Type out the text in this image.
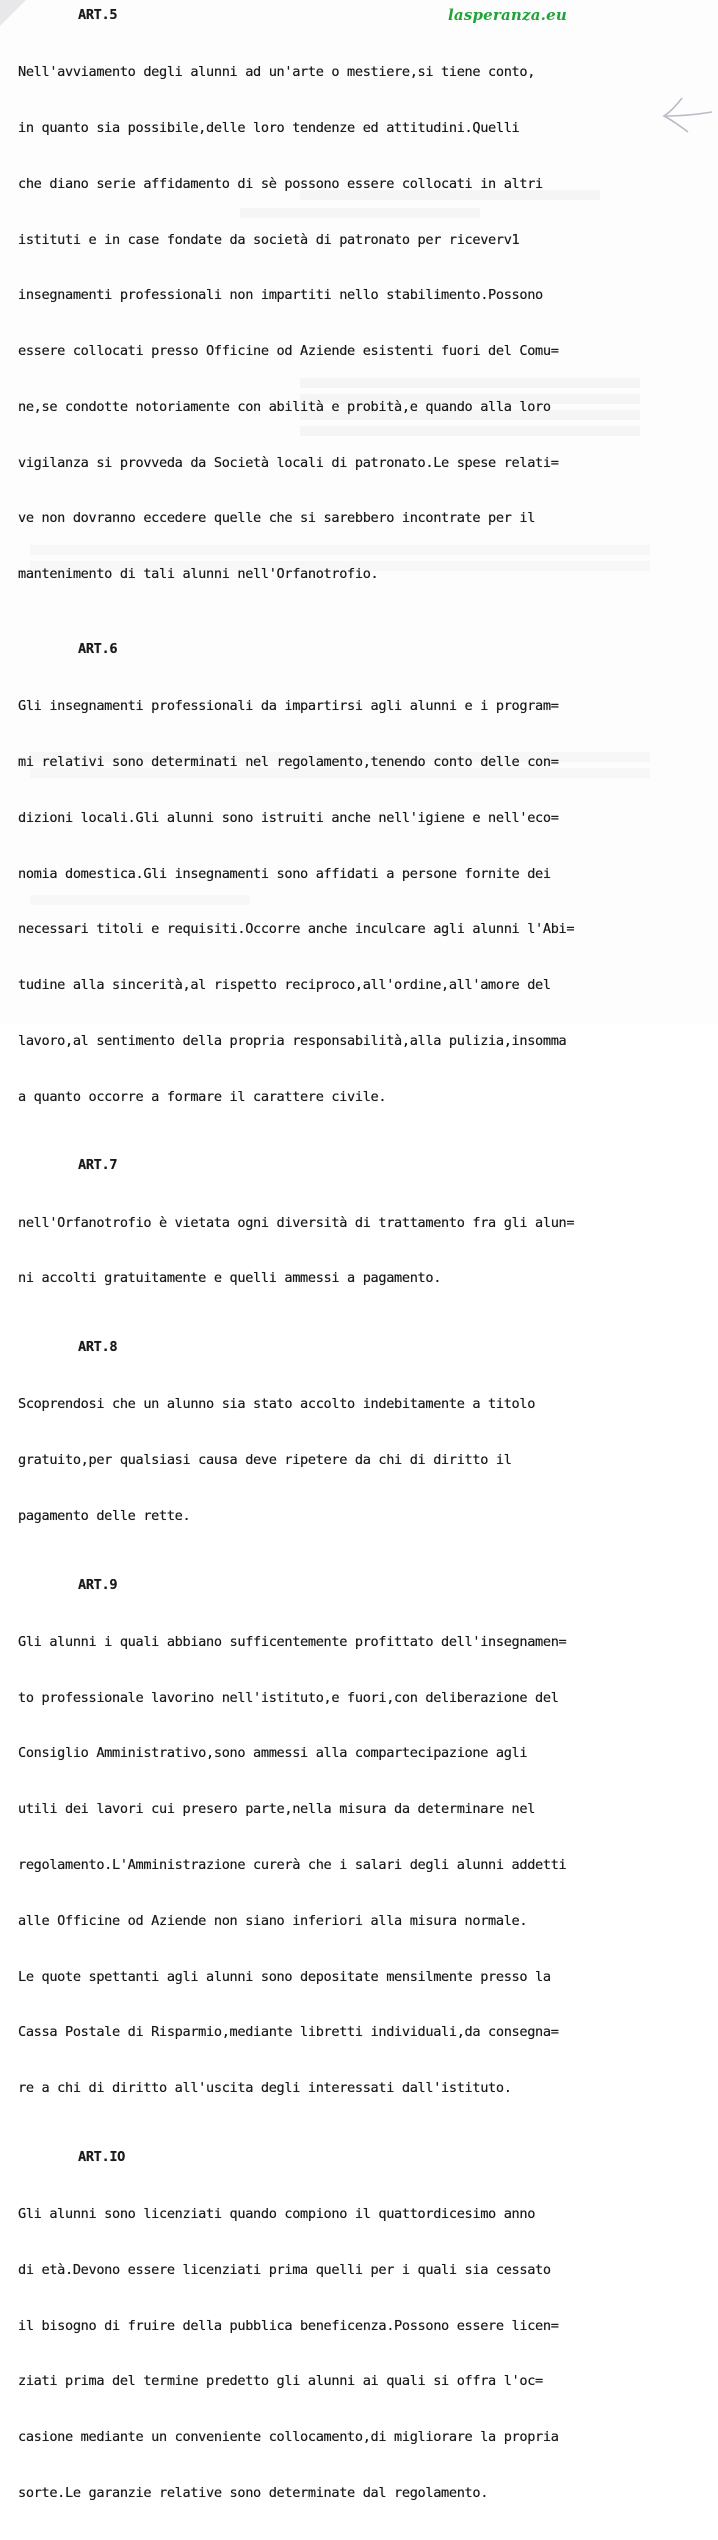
lasperanza.eu
ART.5

Nell'avviamento degli alunni ad un'arte o mestiere,si tiene conto,

in quanto sia possibile,delle loro tendenze ed attitudini.Quelli

che diano serie affidamento di sè possono essere collocati in altri

istituti e in case fondate da società di patronato per riceverv1

insegnamenti professionali non impartiti nello stabilimento.Possono

essere collocati presso Officine od Aziende esistenti fuori del Comu=

ne,se condotte notoriamente con abilità e probità,e quando alla loro

vigilanza si provveda da Società locali di patronato.Le spese relati=

ve non dovranno eccedere quelle che si sarebbero incontrate per il

mantenimento di tali alunni nell'Orfanotrofio.

ART.6

Gli insegnamenti professionali da impartirsi agli alunni e i program=

mi relativi sono determinati nel regolamento,tenendo conto delle con=

dizioni locali.Gli alunni sono istruiti anche nell'igiene e nell'eco=

nomia domestica.Gli insegnamenti sono affidati a persone fornite dei

necessari titoli e requisiti.Occorre anche inculcare agli alunni l'Abi=

tudine alla sincerità,al rispetto reciproco,all'ordine,all'amore del

lavoro,al sentimento della propria responsabilità,alla pulizia,insomma

a quanto occorre a formare il carattere civile.

ART.7

nell'Orfanotrofio è vietata ogni diversità di trattamento fra gli alun=

ni accolti gratuitamente e quelli ammessi a pagamento.

ART.8

Scoprendosi che un alunno sia stato accolto indebitamente a titolo

gratuito,per qualsiasi causa deve ripetere da chi di diritto il

pagamento delle rette.

ART.9

Gli alunni i quali abbiano sufficentemente profittato dell'insegnamen=

to professionale lavorino nell'istituto,e fuori,con deliberazione del

Consiglio Amministrativo,sono ammessi alla compartecipazione agli

utili dei lavori cui presero parte,nella misura da determinare nel

regolamento.L'Amministrazione curerà che i salari degli alunni addetti

alle Officine od Aziende non siano inferiori alla misura normale.

Le quote spettanti agli alunni sono depositate mensilmente presso la

Cassa Postale di Risparmio,mediante libretti individuali,da consegna=

re a chi di diritto all'uscita degli interessati dall'istituto.

ART.IO

Gli alunni sono licenziati quando compiono il quattordicesimo anno

di età.Devono essere licenziati prima quelli per i quali sia cessato

il bisogno di fruire della pubblica beneficenza.Possono essere licen=

ziati prima del termine predetto gli alunni ai quali si offra l'oc=

casione mediante un conveniente collocamento,di migliorare la propria

sorte.Le garanzie relative sono determinate dal regolamento.
